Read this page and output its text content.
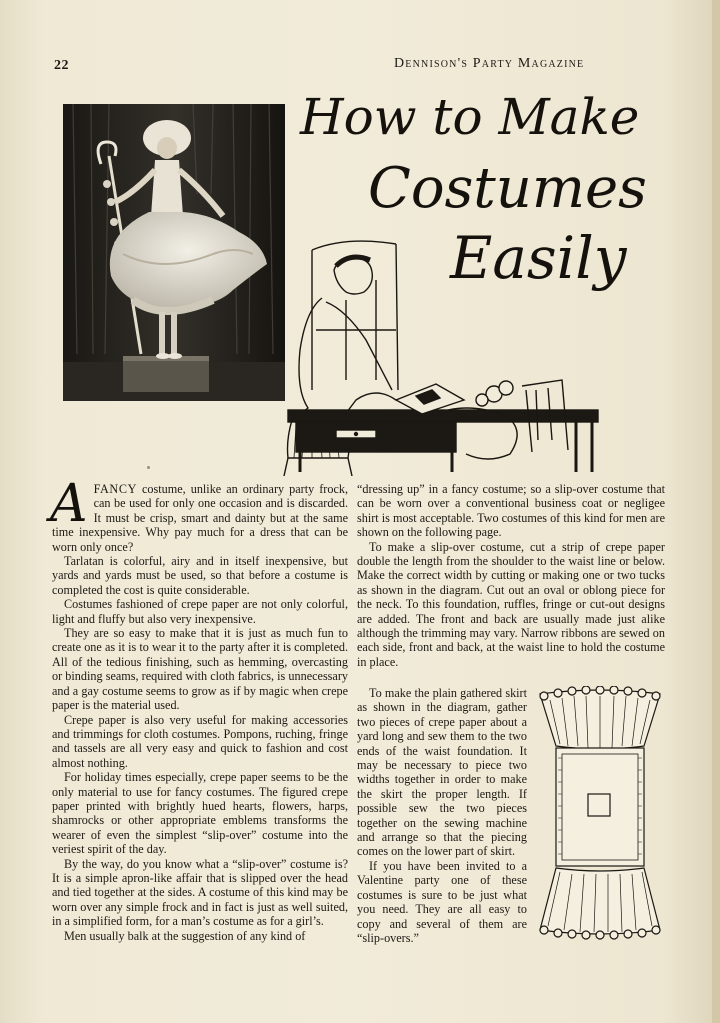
22	Dennison's Party Magazine
How to Make
Costumes
Easily

AFANCY costume, unlike an ordinary party frock, can be used for only one occasion and is discarded. It must be crisp, smart and dainty but at the same time inexpensive. Why pay much for a dress that can be worn only once?

Tarlatan is colorful, airy and in itself inexpensive, but yards and yards must be used, so that before a costume is completed the cost is quite considerable.

Costumes fashioned of crepe paper are not only colorful, light and fluffy but also very inexpensive.

They are so easy to make that it is just as much fun to create one as it is to wear it to the party after it is completed. All of the tedious finishing, such as hemming, overcasting or binding seams, required with cloth fabrics, is unnecessary and a gay costume seems to grow as if by magic when crepe paper is the material used.

Crepe paper is also very useful for making accessories and trimmings for cloth costumes. Pompons, ruching, fringe and tassels are all very easy and quick to fashion and cost almost nothing.

For holiday times especially, crepe paper seems to be the only material to use for fancy costumes. The figured crepe paper printed with brightly hued hearts, flowers, harps, shamrocks or other appropriate emblems transforms the wearer of even the simplest “slip-over” costume into the veriest spirit of the day.

By the way, do you know what a “slip-over” costume is? It is a simple apron-like affair that is slipped over the head and tied together at the sides. A costume of this kind may be worn over any simple frock and in fact is just as well suited, in a simplified form, for a man’s costume as for a girl’s.

Men usually balk at the suggestion of any kind of

“dressing up” in a fancy costume; so a slip-over costume that can be worn over a conventional business coat or negligee shirt is most acceptable. Two costumes of this kind for men are shown on the following page.

To make a slip-over costume, cut a strip of crepe paper double the length from the shoulder to the waist line or below. Make the correct width by cutting or making one or two tucks as shown in the diagram. Cut out an oval or oblong piece for the neck. To this foundation, ruffles, fringe or cut-out designs are added. The front and back are usually made just alike although the trimming may vary. Narrow ribbons are sewed on each side, front and back, at the waist line to hold the costume in place.

To make the plain gathered skirt as shown in the diagram, gather two pieces of crepe paper about a yard long and sew them to the two ends of the waist foundation. It may be necessary to piece two widths together in order to make the skirt the proper length. If possible sew the two pieces together on the sewing machine and arrange so that the piecing comes on the lower part of skirt.

If you have been invited to a Valentine party one of these costumes is sure to be just what you need. They are all easy to copy and several of them are “slip-overs.”
